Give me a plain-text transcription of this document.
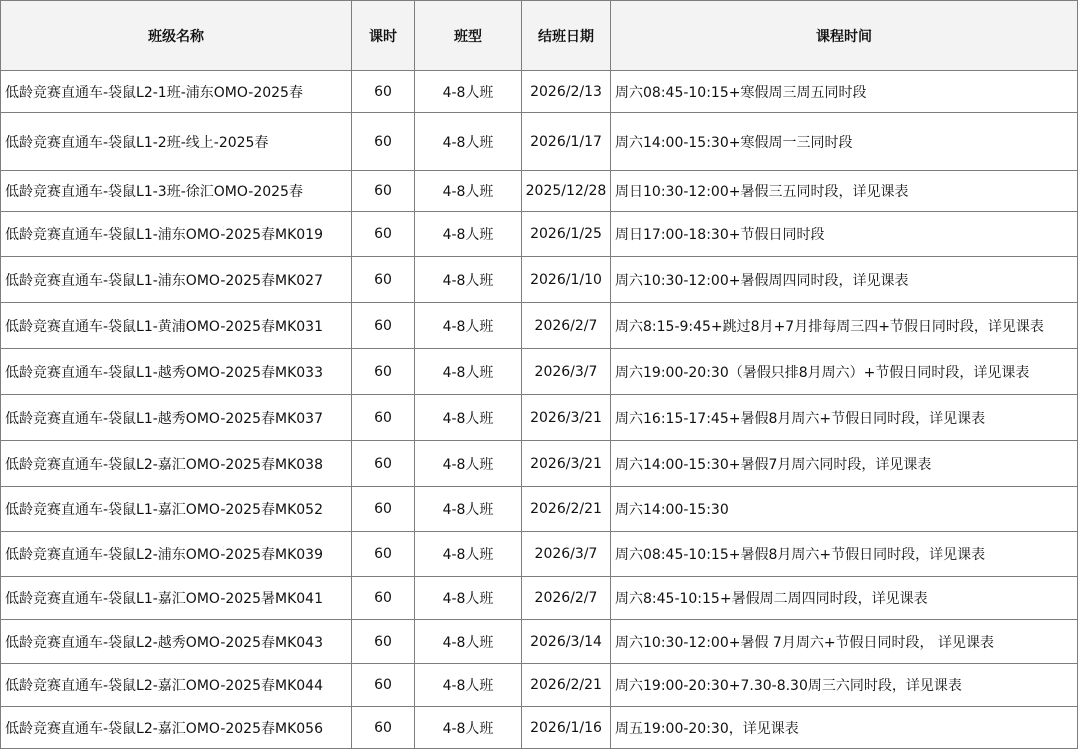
班级名称	课时	班型	结班日期	课程时间
低龄竞赛直通车-袋鼠L2-1班-浦东OMO-2025春	60	4-8人班	2026/2/13	周六08:45-10:15+寒假周三周五同时段
低龄竞赛直通车-袋鼠L1-2班-线上-2025春	60	4-8人班	2026/1/17	周六14:00-15:30+寒假周一三同时段
低龄竞赛直通车-袋鼠L1-3班-徐汇OMO-2025春	60	4-8人班	2025/12/28	周日10:30-12:00+暑假三五同时段，详见课表
低龄竞赛直通车-袋鼠L1-浦东OMO-2025春MK019	60	4-8人班	2026/1/25	周日17:00-18:30+节假日同时段
低龄竞赛直通车-袋鼠L1-浦东OMO-2025春MK027	60	4-8人班	2026/1/10	周六10:30-12:00+暑假周四同时段，详见课表
低龄竞赛直通车-袋鼠L1-黄浦OMO-2025春MK031	60	4-8人班	2026/2/7	周六8:15-9:45+跳过8月+7月排每周三四+节假日同时段，详见课表
低龄竞赛直通车-袋鼠L1-越秀OMO-2025春MK033	60	4-8人班	2026/3/7	周六19:00-20:30（暑假只排8月周六）+节假日同时段，详见课表
低龄竞赛直通车-袋鼠L1-越秀OMO-2025春MK037	60	4-8人班	2026/3/21	周六16:15-17:45+暑假8月周六+节假日同时段，详见课表
低龄竞赛直通车-袋鼠L2-嘉汇OMO-2025春MK038	60	4-8人班	2026/3/21	周六14:00-15:30+暑假7月周六同时段，详见课表
低龄竞赛直通车-袋鼠L1-嘉汇OMO-2025春MK052	60	4-8人班	2026/2/21	周六14:00-15:30
低龄竞赛直通车-袋鼠L2-浦东OMO-2025春MK039	60	4-8人班	2026/3/7	周六08:45-10:15+暑假8月周六+节假日同时段，详见课表
低龄竞赛直通车-袋鼠L1-嘉汇OMO-2025暑MK041	60	4-8人班	2026/2/7	周六8:45-10:15+暑假周二周四同时段，详见课表
低龄竞赛直通车-袋鼠L2-越秀OMO-2025春MK043	60	4-8人班	2026/3/14	周六10:30-12:00+暑假 7月周六+节假日同时段， 详见课表
低龄竞赛直通车-袋鼠L2-嘉汇OMO-2025春MK044	60	4-8人班	2026/2/21	周六19:00-20:30+7.30-8.30周三六同时段，详见课表
低龄竞赛直通车-袋鼠L2-嘉汇OMO-2025春MK056	60	4-8人班	2026/1/16	周五19:00-20:30，详见课表
